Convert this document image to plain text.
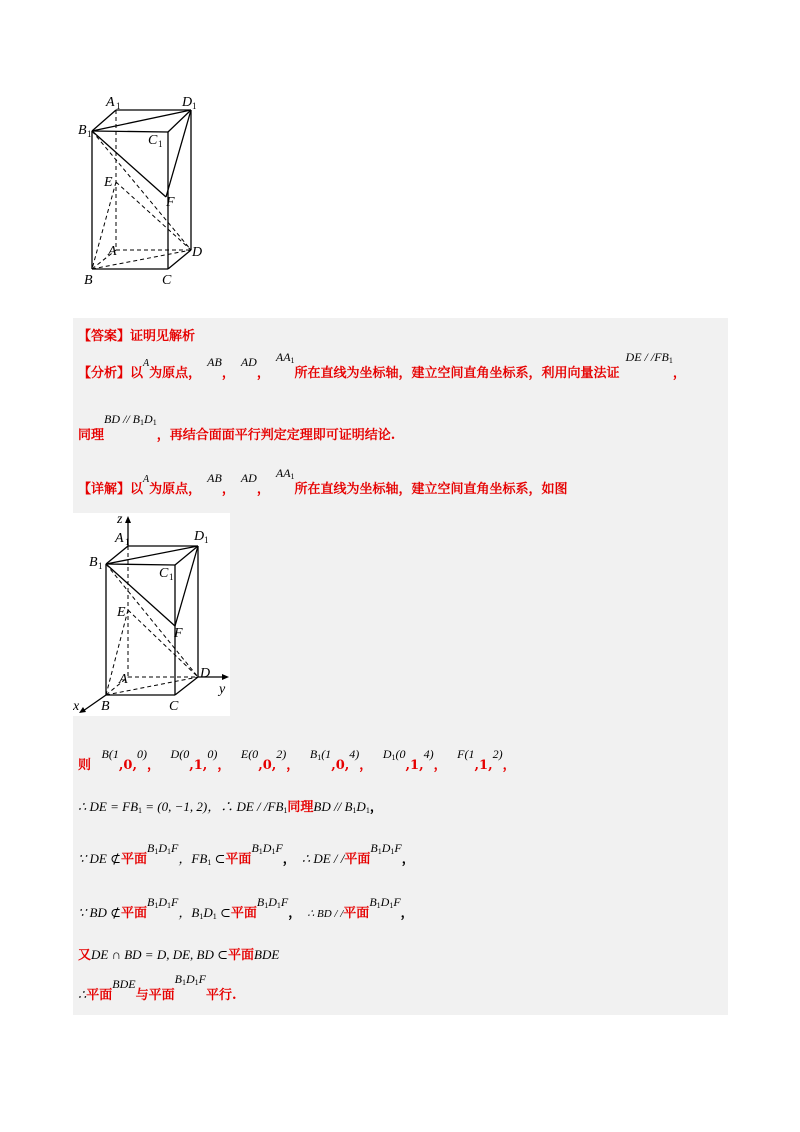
A 1	D 1
B 1	C 1
E
F
A	D
B	C
【答案】证明见解析
【分析】以$^A$为原点，AB，AD，$AA_1$所在直线为坐标轴，建立空间直角坐标系，利用向量法证DE / $/FB_1$，
同理BD // $B_1D_1$，再结合面面平行判定定理即可证明结论.
【详解】以$^A$为原点，AB，AD，$AA_1$所在直线为坐标轴，建立空间直角坐标系，如图
z
y
x
A 1	D 1
B 1	C 1
E
F
A	D
B	C
则 B(1,0,0)， D(0,1,0)， E(0,0,2)， $B_1(1,0,4)$， $D_1(0,1,4)$， F(1,1,2)，
∴ DE = $FB_1 = (0$, −1, 2)，∴ DE / $/FB_1$同理BD // $B_1D_1$，
∵ DE ⊄平面$B_1D_1F$，$FB_1$ ⊂平面$B_1D_1F$， ∴ DE / /平面$B_1D_1F$，
∵ BD ⊄平面$B_1D_1F$，$B_1D_1$ ⊂平面$B_1D_1F$， ∴ BD / /平面$B_1D_1F$，
又DE ∩ BD = D, DE, BD ⊂平面BDE
∴平面BDE与平面$B_1D_1F$平行.
